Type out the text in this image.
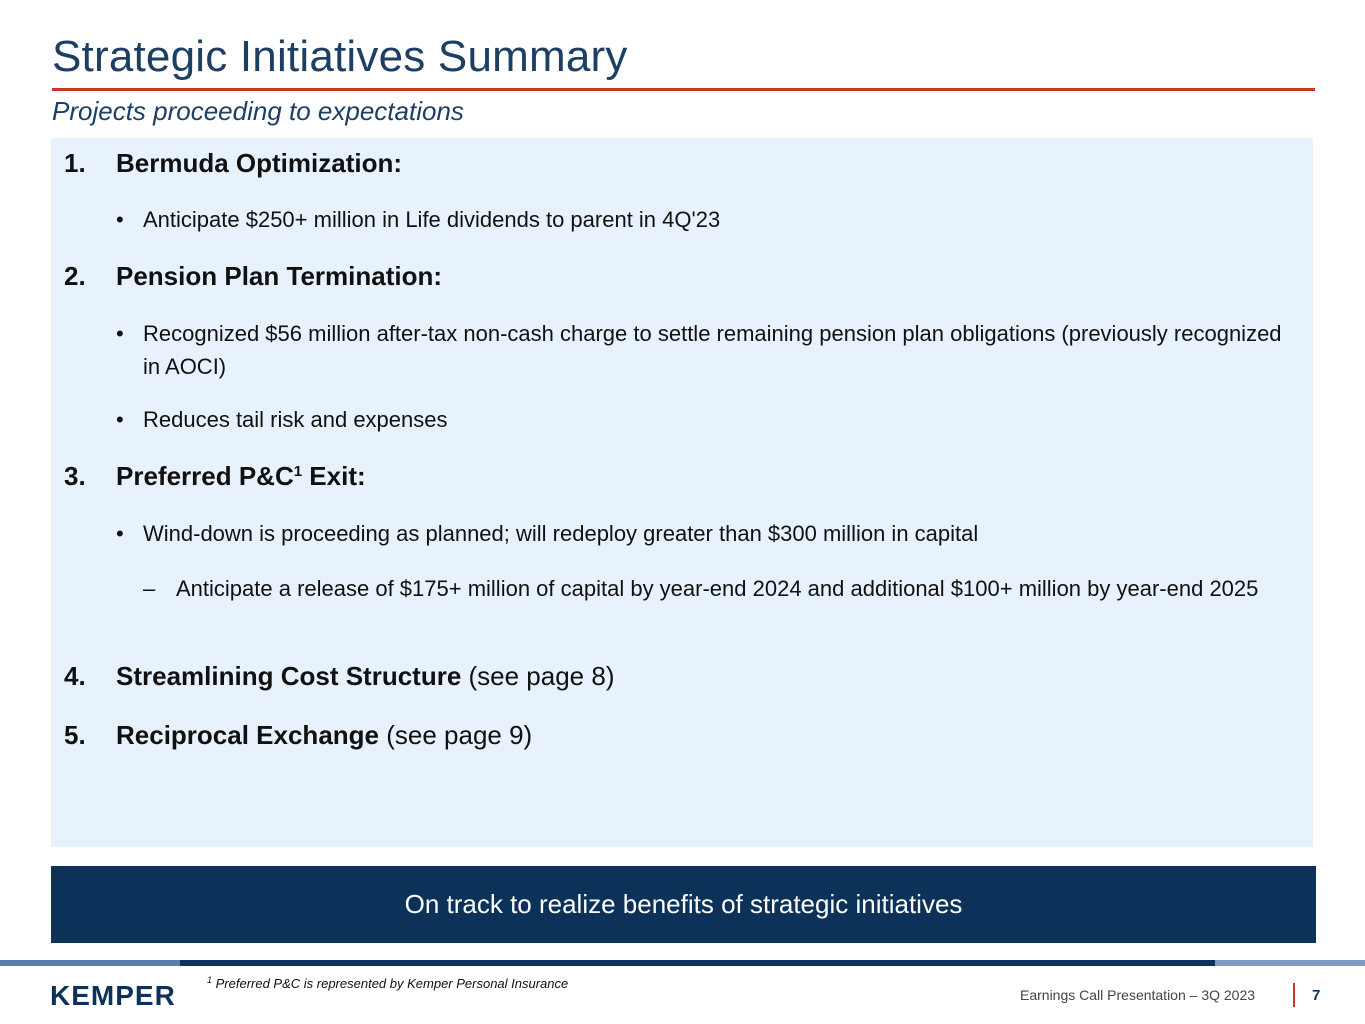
Strategic Initiatives Summary
Projects proceeding to expectations
1. Bermuda Optimization:
• Anticipate $250+ million in Life dividends to parent in 4Q'23
2. Pension Plan Termination:
• Recognized $56 million after-tax non-cash charge to settle remaining pension plan obligations (previously recognized in AOCI)
• Reduces tail risk and expenses
3. Preferred $P\&C^1$ Exit:
• Wind-down is proceeding as planned; will redeploy greater than $300 million in capital
– Anticipate a release of $175+ million of capital by year-end 2024 and additional $100+ million by year-end 2025
4. Streamlining Cost Structure (see page 8)
5. Reciprocal Exchange (see page 9)
On track to realize benefits of strategic initiatives
KEMPER	$^1$ Preferred P&C is represented by Kemper Personal Insurance
Earnings Call Presentation – 3Q 2023	7
